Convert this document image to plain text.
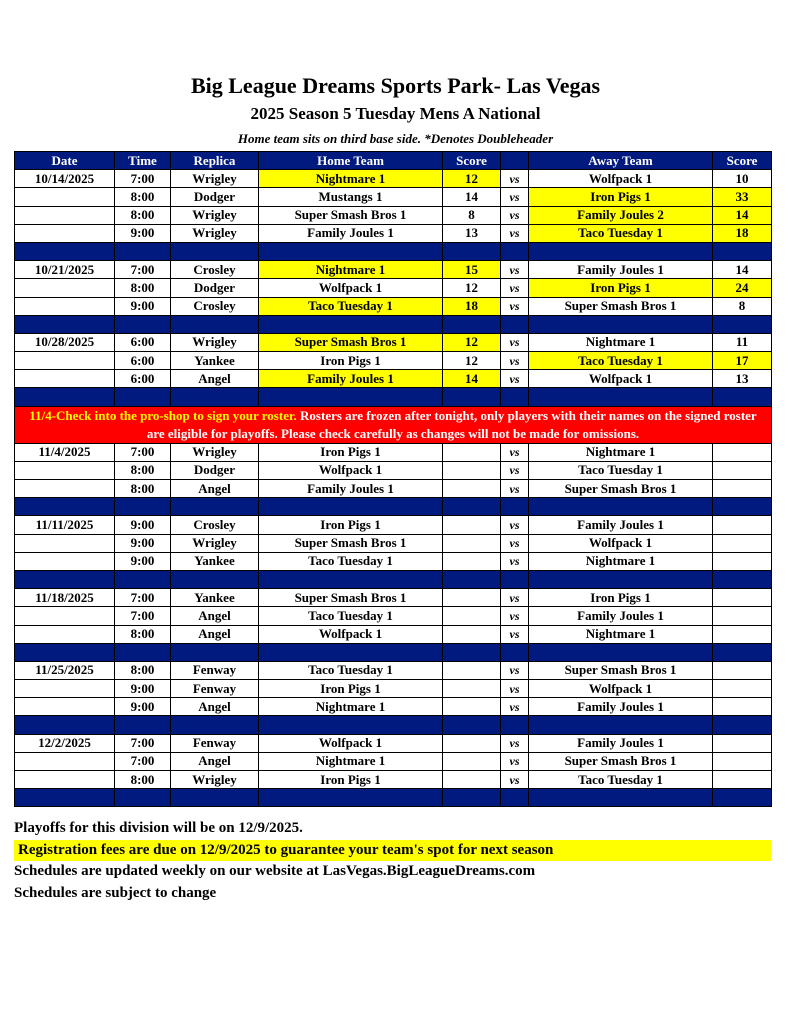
Big League Dreams Sports Park- Las Vegas
2025 Season 5 Tuesday Mens A National
Home team sits on third base side. *Denotes Doubleheader
Date	Time	Replica	Home Team	Score		Away Team	Score
10/14/2025	7:00	Wrigley	Nightmare 1	12	vs	Wolfpack 1	10
	8:00	Dodger	Mustangs 1	14	vs	Iron Pigs 1	33
	8:00	Wrigley	Super Smash Bros 1	8	vs	Family Joules 2	14
	9:00	Wrigley	Family Joules 1	13	vs	Taco Tuesday 1	18

10/21/2025	7:00	Crosley	Nightmare 1	15	vs	Family Joules 1	14
	8:00	Dodger	Wolfpack 1	12	vs	Iron Pigs 1	24
	9:00	Crosley	Taco Tuesday 1	18	vs	Super Smash Bros 1	8

10/28/2025	6:00	Wrigley	Super Smash Bros 1	12	vs	Nightmare 1	11
	6:00	Yankee	Iron Pigs 1	12	vs	Taco Tuesday 1	17
	6:00	Angel	Family Joules 1	14	vs	Wolfpack 1	13

11/4-Check into the pro-shop to sign your roster. Rosters are frozen after tonight, only players with their names on the signed roster are eligible for playoffs. Please check carefully as changes will not be made for omissions.							
11/4/2025	7:00	Wrigley	Iron Pigs 1		vs	Nightmare 1	
	8:00	Dodger	Wolfpack 1		vs	Taco Tuesday 1	
	8:00	Angel	Family Joules 1		vs	Super Smash Bros 1	

11/11/2025	9:00	Crosley	Iron Pigs 1		vs	Family Joules 1	
	9:00	Wrigley	Super Smash Bros 1		vs	Wolfpack 1	
	9:00	Yankee	Taco Tuesday 1		vs	Nightmare 1	

11/18/2025	7:00	Yankee	Super Smash Bros 1		vs	Iron Pigs 1	
	7:00	Angel	Taco Tuesday 1		vs	Family Joules 1	
	8:00	Angel	Wolfpack 1		vs	Nightmare 1	

11/25/2025	8:00	Fenway	Taco Tuesday 1		vs	Super Smash Bros 1	
	9:00	Fenway	Iron Pigs 1		vs	Wolfpack 1	
	9:00	Angel	Nightmare 1		vs	Family Joules 1	

12/2/2025	7:00	Fenway	Wolfpack 1		vs	Family Joules 1	
	7:00	Angel	Nightmare 1		vs	Super Smash Bros 1	
	8:00	Wrigley	Iron Pigs 1		vs	Taco Tuesday 1	

Playoffs for this division will be on 12/9/2025.
Registration fees are due on 12/9/2025 to guarantee your team's spot for next season
Schedules are updated weekly on our website at LasVegas.BigLeagueDreams.com
Schedules are subject to change
